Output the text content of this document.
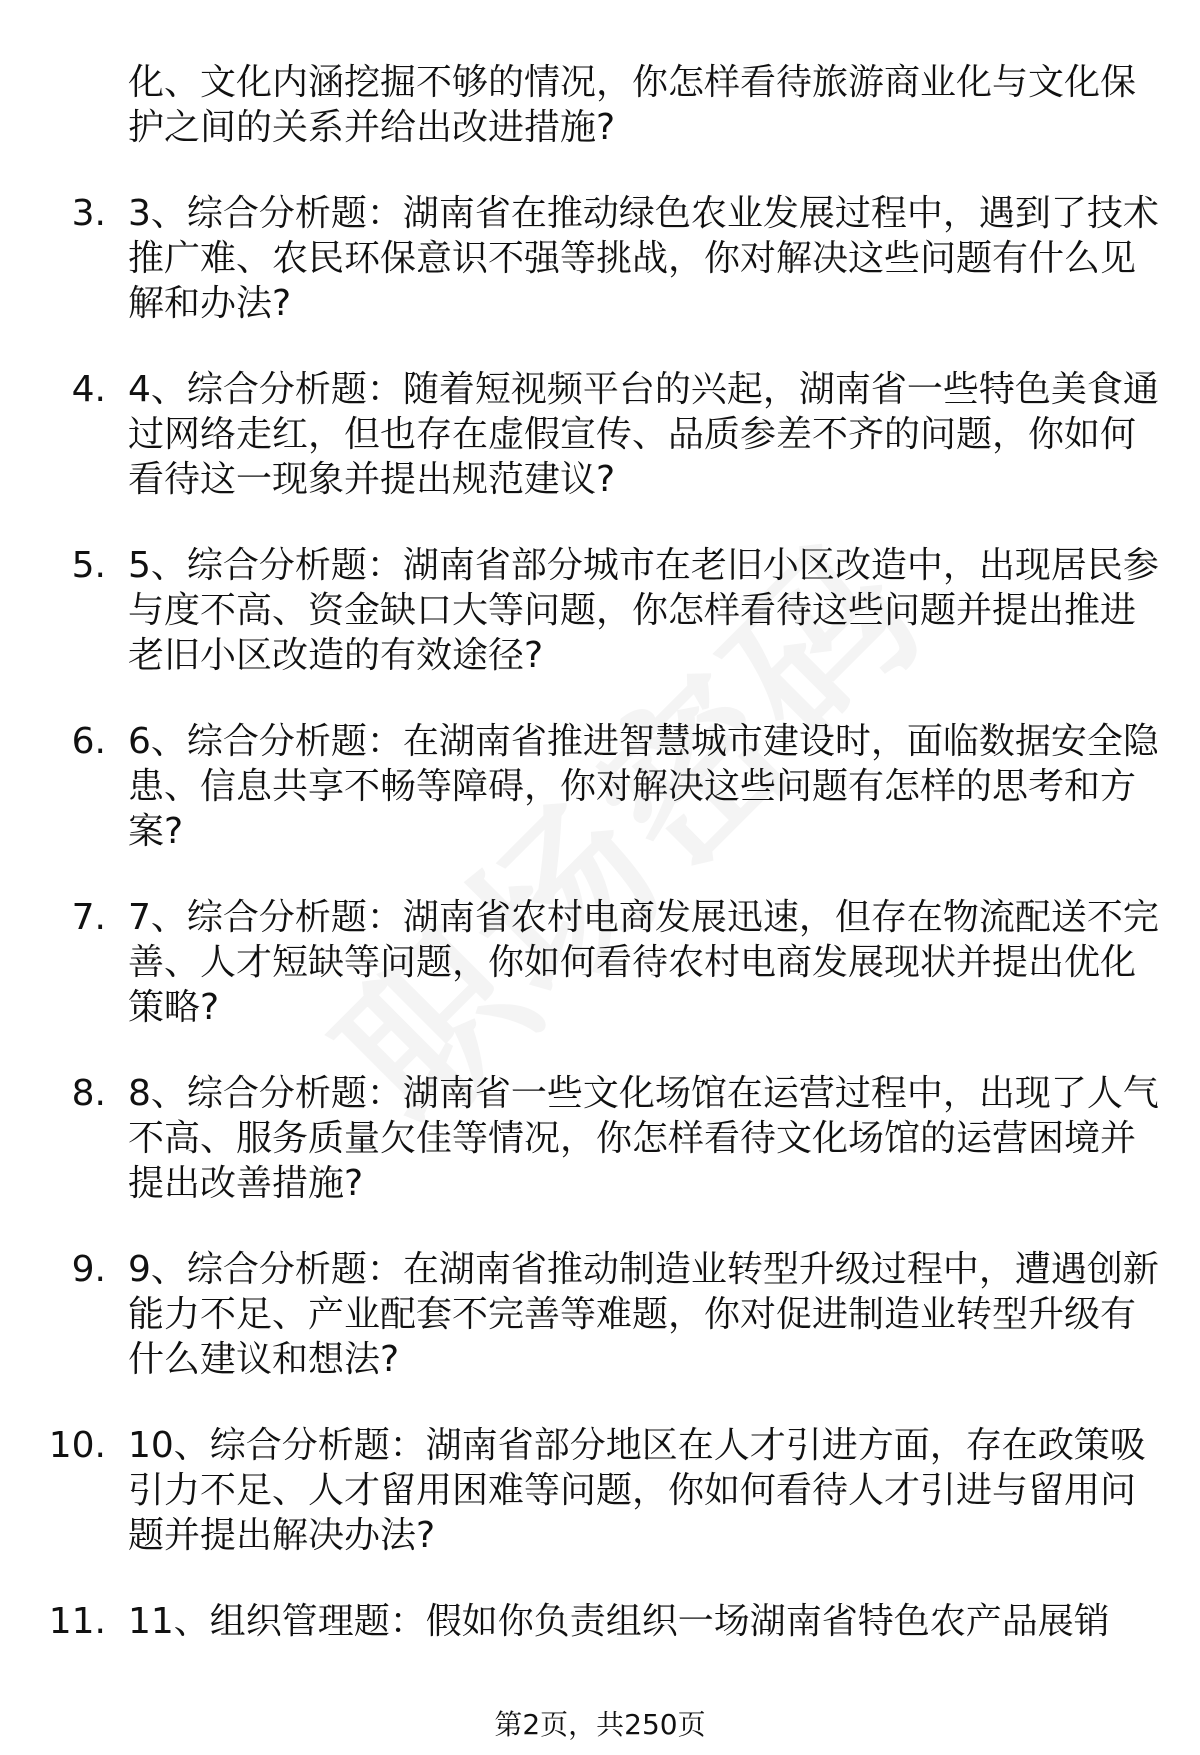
化、文化内涵挖掘不够的情况，你怎样看待旅游商业化与文化保护之间的关系并给出改进措施?
3. 3、综合分析题：湖南省在推动绿色农业发展过程中，遇到了技术推广难、农民环保意识不强等挑战，你对解决这些问题有什么见解和办法?
4. 4、综合分析题：随着短视频平台的兴起，湖南省一些特色美食通过网络走红，但也存在虚假宣传、品质参差不齐的问题，你如何看待这一现象并提出规范建议?
5. 5、综合分析题：湖南省部分城市在老旧小区改造中，出现居民参与度不高、资金缺口大等问题，你怎样看待这些问题并提出推进老旧小区改造的有效途径?
6. 6、综合分析题：在湖南省推进智慧城市建设时，面临数据安全隐患、信息共享不畅等障碍，你对解决这些问题有怎样的思考和方案?
7. 7、综合分析题：湖南省农村电商发展迅速，但存在物流配送不完善、人才短缺等问题，你如何看待农村电商发展现状并提出优化策略?
8. 8、综合分析题：湖南省一些文化场馆在运营过程中，出现了人气不高、服务质量欠佳等情况，你怎样看待文化场馆的运营困境并提出改善措施?
9. 9、综合分析题：在湖南省推动制造业转型升级过程中，遭遇创新能力不足、产业配套不完善等难题，你对促进制造业转型升级有什么建议和想法?
10. 10、综合分析题：湖南省部分地区在人才引进方面，存在政策吸引力不足、人才留用困难等问题，你如何看待人才引进与留用问题并提出解决办法?
11. 11、组织管理题：假如你负责组织一场湖南省特色农产品展销
第2页，共250页
